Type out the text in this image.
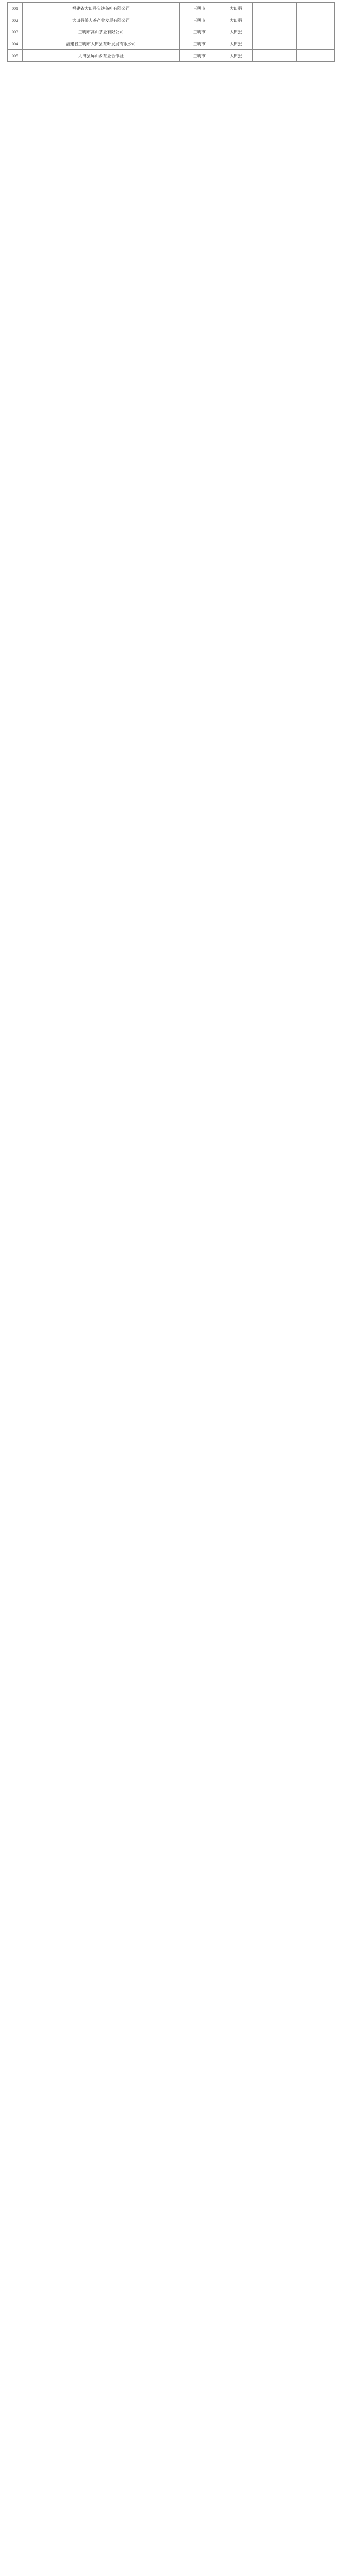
001	福建省大田县宝达茶叶有限公司	三明市	大田县		
002	大田县美人茶产业发展有限公司	三明市	大田县		
003	三明市高山茶业有限公司	三明市	大田县		
004	福建省三明市大田县茶叶发展有限公司	三明市	大田县		
005	大田县屏山乡茶业合作社	三明市	大田县		
